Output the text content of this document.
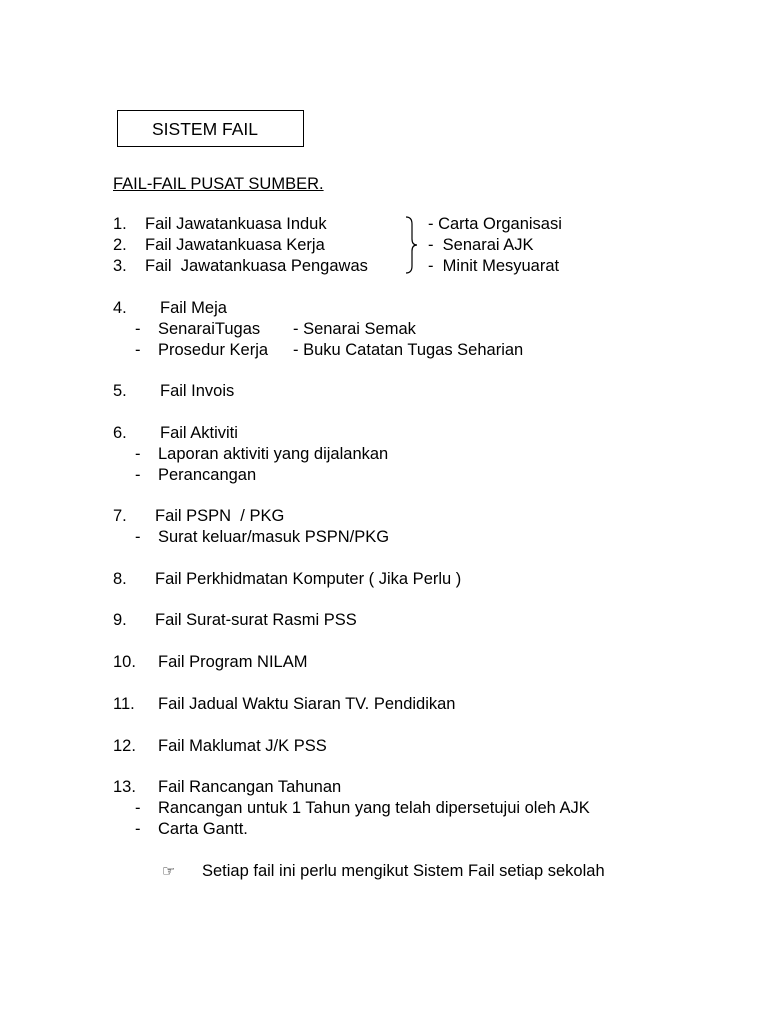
SISTEM FAIL
FAIL-FAIL PUSAT SUMBER.
1. Fail Jawatankuasa Induk
2. Fail Jawatankuasa Kerja
3. Fail  Jawatankuasa Pengawas
- Carta Organisasi
-  Senarai AJK
-  Minit Mesyuarat
4. Fail Meja
- SenaraiTugas - Senarai Semak
- Prosedur Kerja - Buku Catatan Tugas Seharian
5. Fail Invois
6. Fail Aktiviti
- Laporan aktiviti yang dijalankan
- Perancangan
7. Fail PSPN  / PKG
- Surat keluar/masuk PSPN/PKG
8. Fail Perkhidmatan Komputer ( Jika Perlu )
9. Fail Surat-surat Rasmi PSS
10. Fail Program NILAM
11. Fail Jadual Waktu Siaran TV. Pendidikan
12. Fail Maklumat J/K PSS
13. Fail Rancangan Tahunan
- Rancangan untuk 1 Tahun yang telah dipersetujui oleh AJK
- Carta Gantt.
☞ Setiap fail ini perlu mengikut Sistem Fail setiap sekolah
